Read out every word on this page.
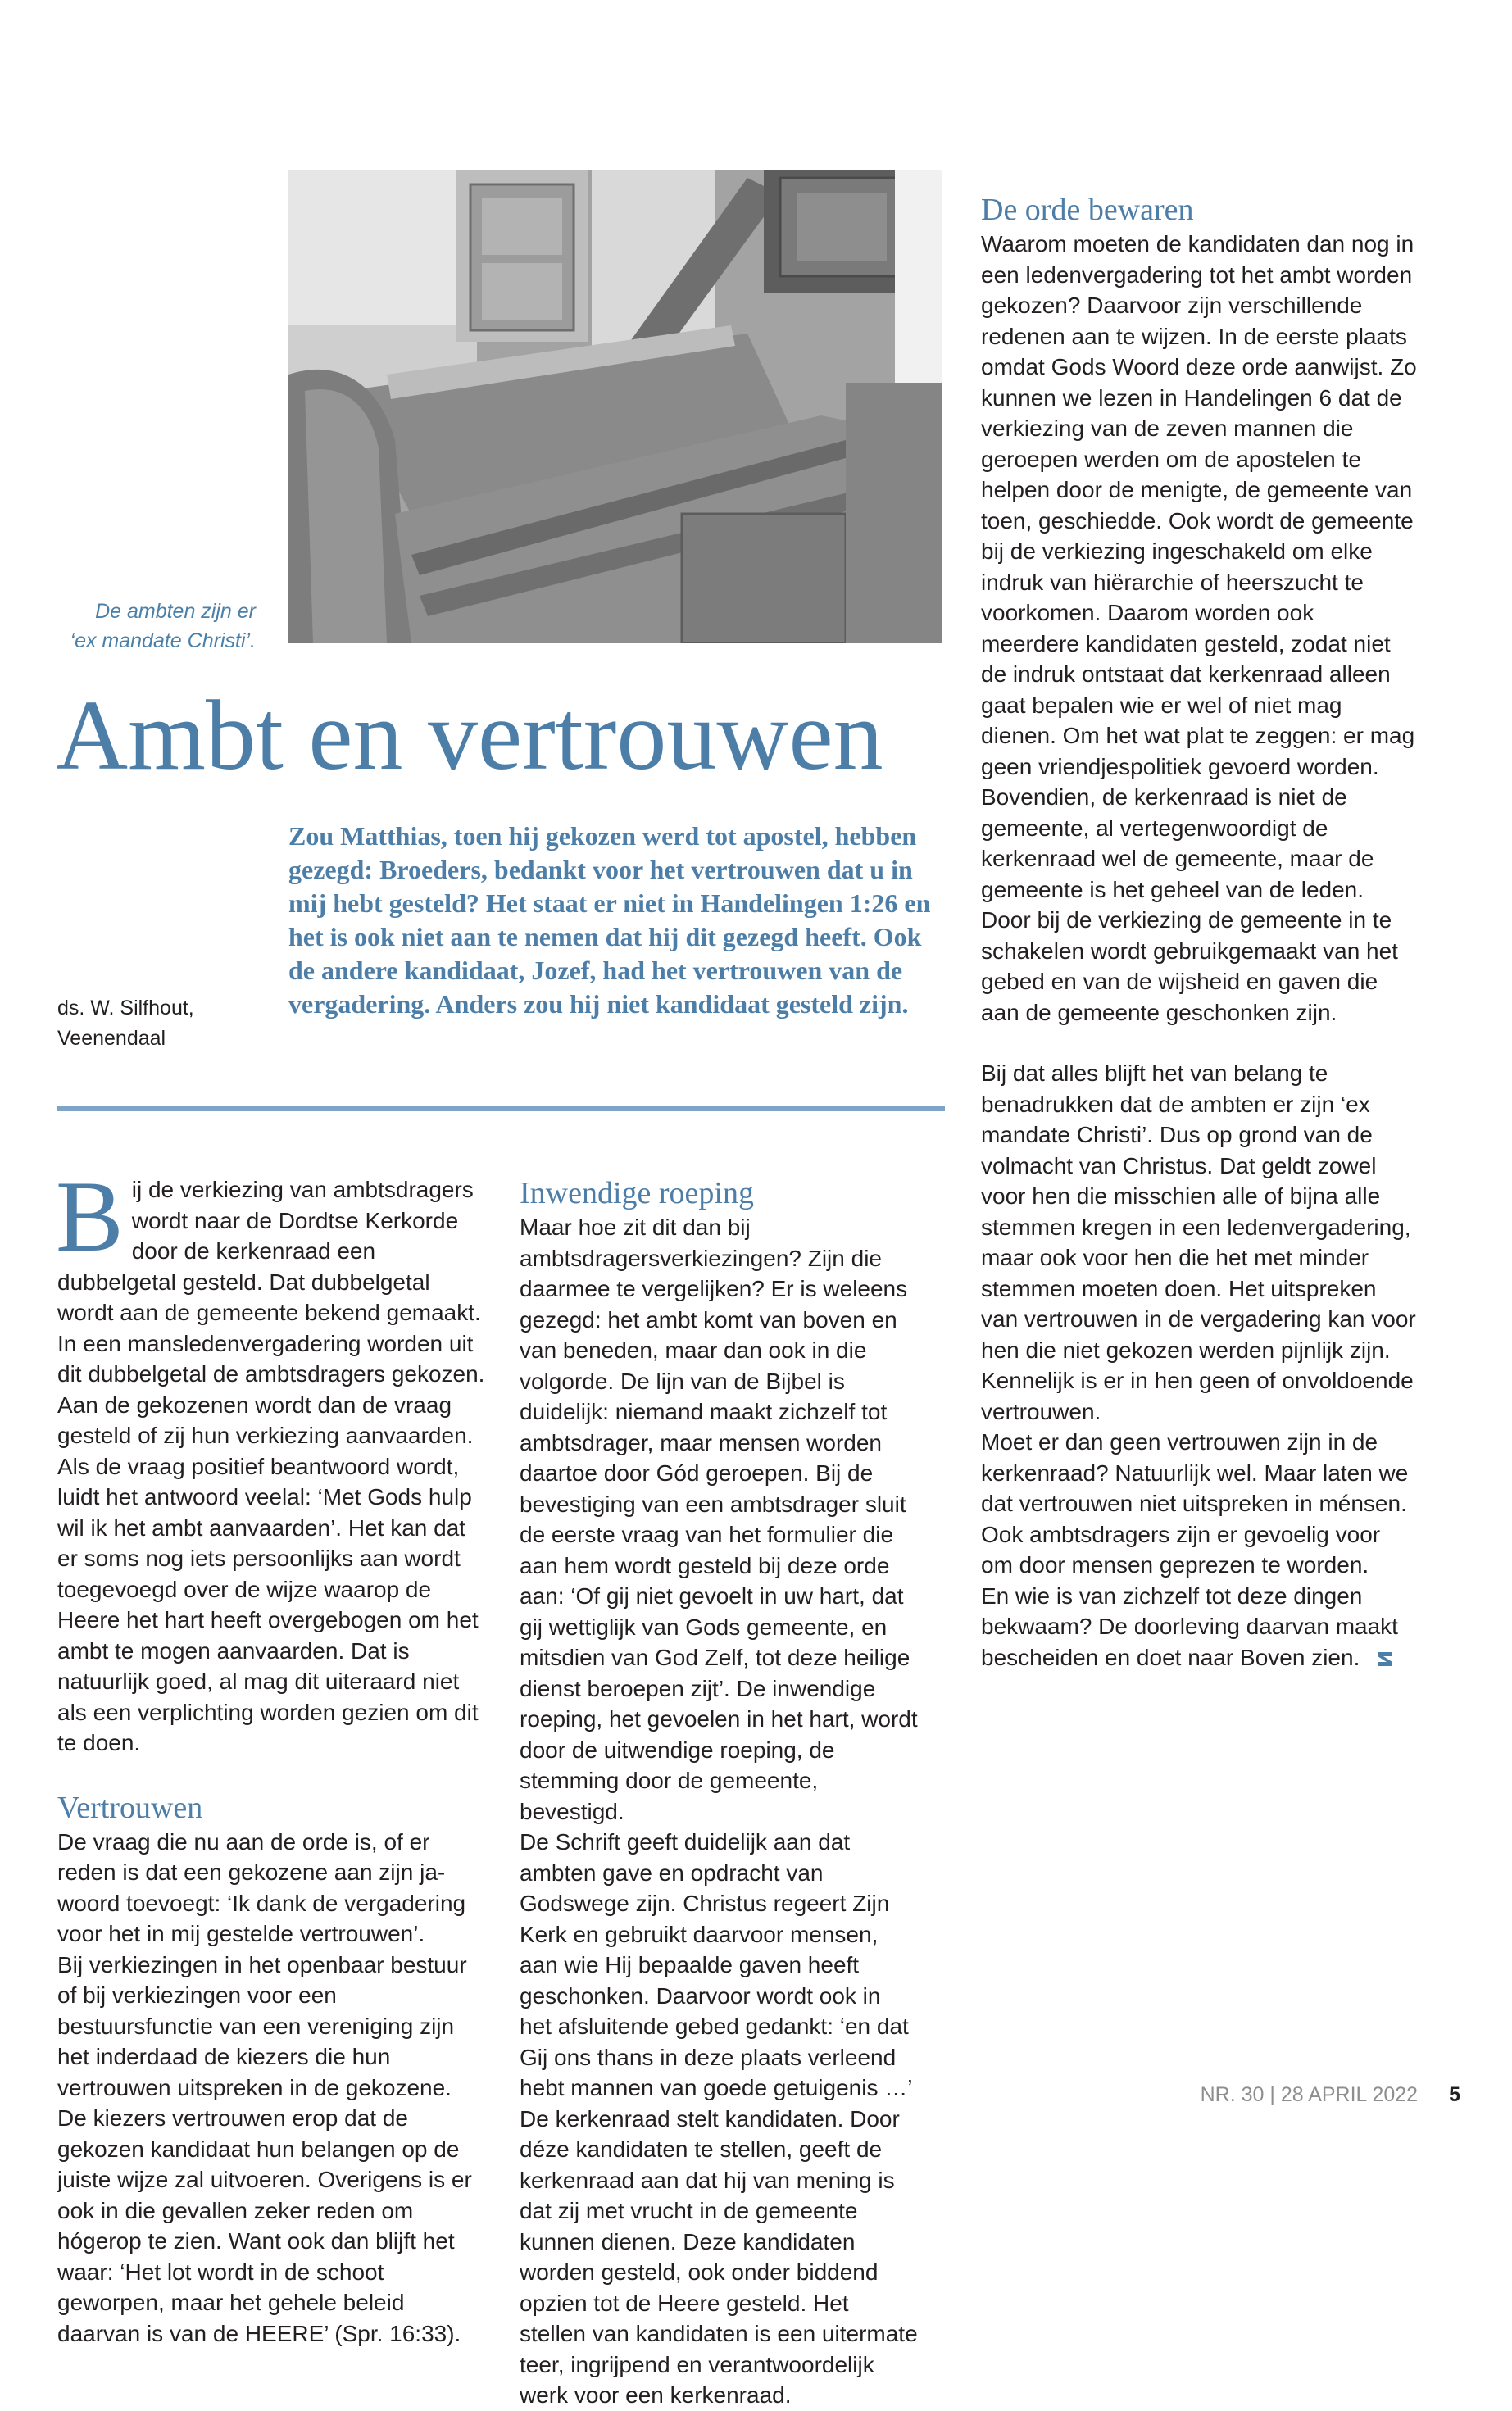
De ambten zijn er
‘ex mandate Christi’.
Ambt en vertrouwen

Zou Matthias, toen hij gekozen werd tot apostel, hebben gezegd: Broeders, bedankt voor het vertrouwen dat u in mij hebt gesteld? Het staat er niet in Handelingen 1:26 en het is ook niet aan te nemen dat hij dit gezegd heeft. Ook de andere kandidaat, Jozef, had het vertrouwen van de vergadering. Anders zou hij niet kandidaat gesteld zijn.

ds. W. Silfhout,
Veenendaal

Bij de verkiezing van ambtsdragers wordt naar de Dordtse Kerkorde door de kerkenraad een dubbelgetal gesteld. Dat dubbelgetal wordt aan de gemeente bekend gemaakt. In een mansledenvergadering worden uit dit dubbelgetal de ambtsdragers gekozen. Aan de gekozenen wordt dan de vraag gesteld of zij hun verkiezing aanvaarden. Als de vraag positief beantwoord wordt, luidt het antwoord veelal: ‘Met Gods hulp wil ik het ambt aanvaarden’. Het kan dat er soms nog iets persoonlijks aan wordt toegevoegd over de wijze waarop de Heere het hart heeft overgebogen om het ambt te mogen aanvaarden. Dat is natuurlijk goed, al mag dit uiteraard niet als een verplichting worden gezien om dit te doen.

Vertrouwen

De vraag die nu aan de orde is, of er reden is dat een gekozene aan zijn ja-woord toevoegt: ‘Ik dank de vergadering voor het in mij gestelde vertrouwen’.

Bij verkiezingen in het openbaar bestuur of bij verkiezingen voor een bestuursfunctie van een vereniging zijn het inderdaad de kiezers die hun vertrouwen uitspreken in de gekozene. De kiezers vertrouwen erop dat de gekozen kandidaat hun belangen op de juiste wijze zal uitvoeren. Overigens is er ook in die gevallen zeker reden om hógerop te zien. Want ook dan blijft het waar: ‘Het lot wordt in de schoot geworpen, maar het gehele beleid daarvan is van de HEERE’ (Spr. 16:33).

Inwendige roeping

Maar hoe zit dit dan bij ambtsdragersverkiezingen? Zijn die daarmee te vergelijken? Er is weleens gezegd: het ambt komt van boven en van beneden, maar dan ook in die volgorde. De lijn van de Bijbel is duidelijk: niemand maakt zichzelf tot ambtsdrager, maar mensen worden daartoe door Gód geroepen. Bij de bevestiging van een ambtsdrager sluit de eerste vraag van het formulier die aan hem wordt gesteld bij deze orde aan: ‘Of gij niet gevoelt in uw hart, dat gij wettiglijk van Gods gemeente, en mitsdien van God Zelf, tot deze heilige dienst beroepen zijt’. De inwendige roeping, het gevoelen in het hart, wordt door de uitwendige roeping, de stemming door de gemeente, bevestigd.

De Schrift geeft duidelijk aan dat ambten gave en opdracht van Godswege zijn. Christus regeert Zijn Kerk en gebruikt daarvoor mensen, aan wie Hij bepaalde gaven heeft geschonken. Daarvoor wordt ook in het afsluitende gebed gedankt: ‘en dat Gij ons thans in deze plaats verleend hebt mannen van goede getuigenis …’ De kerkenraad stelt kandidaten. Door déze kandidaten te stellen, geeft de kerkenraad aan dat hij van mening is dat zij met vrucht in de gemeente kunnen dienen. Deze kandidaten worden gesteld, ook onder biddend opzien tot de Heere gesteld. Het stellen van kandidaten is een uitermate teer, ingrijpend en verantwoordelijk werk voor een kerkenraad.

De orde bewaren

Waarom moeten de kandidaten dan nog in een ledenvergadering tot het ambt worden gekozen? Daarvoor zijn verschillende redenen aan te wijzen. In de eerste plaats omdat Gods Woord deze orde aanwijst. Zo kunnen we lezen in Handelingen 6 dat de verkiezing van de zeven mannen die geroepen werden om de apostelen te helpen door de menigte, de gemeente van toen, geschiedde. Ook wordt de gemeente bij de verkiezing ingeschakeld om elke indruk van hiërarchie of heerszucht te voorkomen. Daarom worden ook meerdere kandidaten gesteld, zodat niet de indruk ontstaat dat kerkenraad alleen gaat bepalen wie er wel of niet mag dienen. Om het wat plat te zeggen: er mag geen vriendjespolitiek gevoerd worden. Bovendien, de kerkenraad is niet de gemeente, al vertegenwoordigt de kerkenraad wel de gemeente, maar de gemeente is het geheel van de leden. Door bij de verkiezing de gemeente in te schakelen wordt gebruikgemaakt van het gebed en van de wijsheid en gaven die aan de gemeente geschonken zijn.

Bij dat alles blijft het van belang te benadrukken dat de ambten er zijn ‘ex mandate Christi’. Dus op grond van de volmacht van Christus. Dat geldt zowel voor hen die misschien alle of bijna alle stemmen kregen in een ledenvergadering, maar ook voor hen die het met minder stemmen moeten doen. Het uitspreken van vertrouwen in de vergadering kan voor hen die niet gekozen werden pijnlijk zijn. Kennelijk is er in hen geen of onvoldoende vertrouwen.

Moet er dan geen vertrouwen zijn in de kerkenraad? Natuurlijk wel. Maar laten we dat vertrouwen niet uitspreken in ménsen. Ook ambtsdragers zijn er gevoelig voor om door mensen geprezen te worden.

En wie is van zichzelf tot deze dingen bekwaam? De doorleving daarvan maakt bescheiden en doet naar Boven zien.

NR. 30 | 28 APRIL 2022 5
